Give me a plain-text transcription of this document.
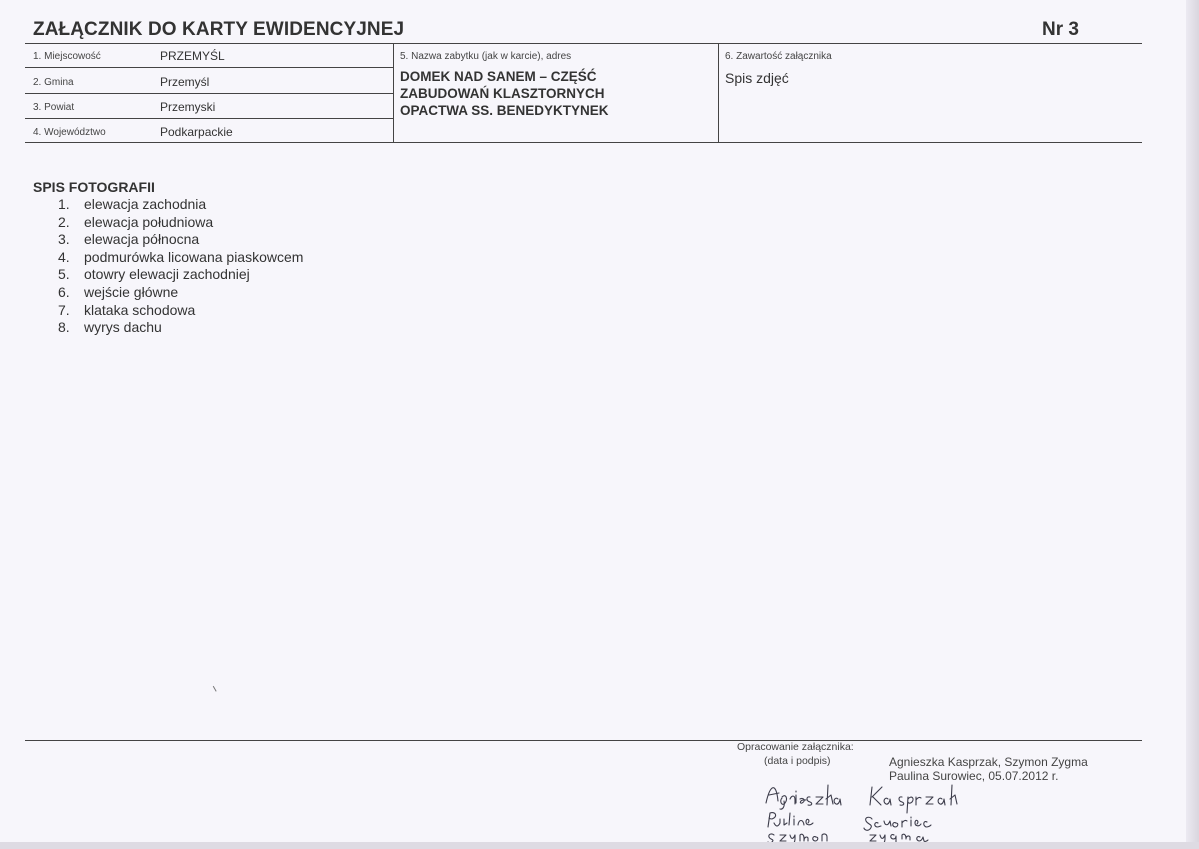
ZAŁĄCZNIK DO KARTY EWIDENCYJNEJ	Nr 3
1. Miejscowość	PRZEMYŚL
2. Gmina	Przemyśl
3. Powiat	Przemyski
4. Województwo	Podkarpackie
5. Nazwa zabytku (jak w karcie), adres
DOMEK NAD SANEM – CZĘŚĆ
ZABUDOWAŃ KLASZTORNYCH
OPACTWA SS. BENEDYKTYNEK
6. Zawartość załącznika
Spis zdjęć
SPIS FOTOGRAFII
1. elewacja zachodnia
2. elewacja południowa
3. elewacja północna
4. podmurówka licowana piaskowcem
5. otowry elewacji zachodniej
6. wejście główne
7. klataka schodowa
8. wyrys dachu
Opracowanie załącznika:
(data i podpis)	Agnieszka Kasprzak, Szymon Zygma
Paulina Surowiec, 05.07.2012 r.
